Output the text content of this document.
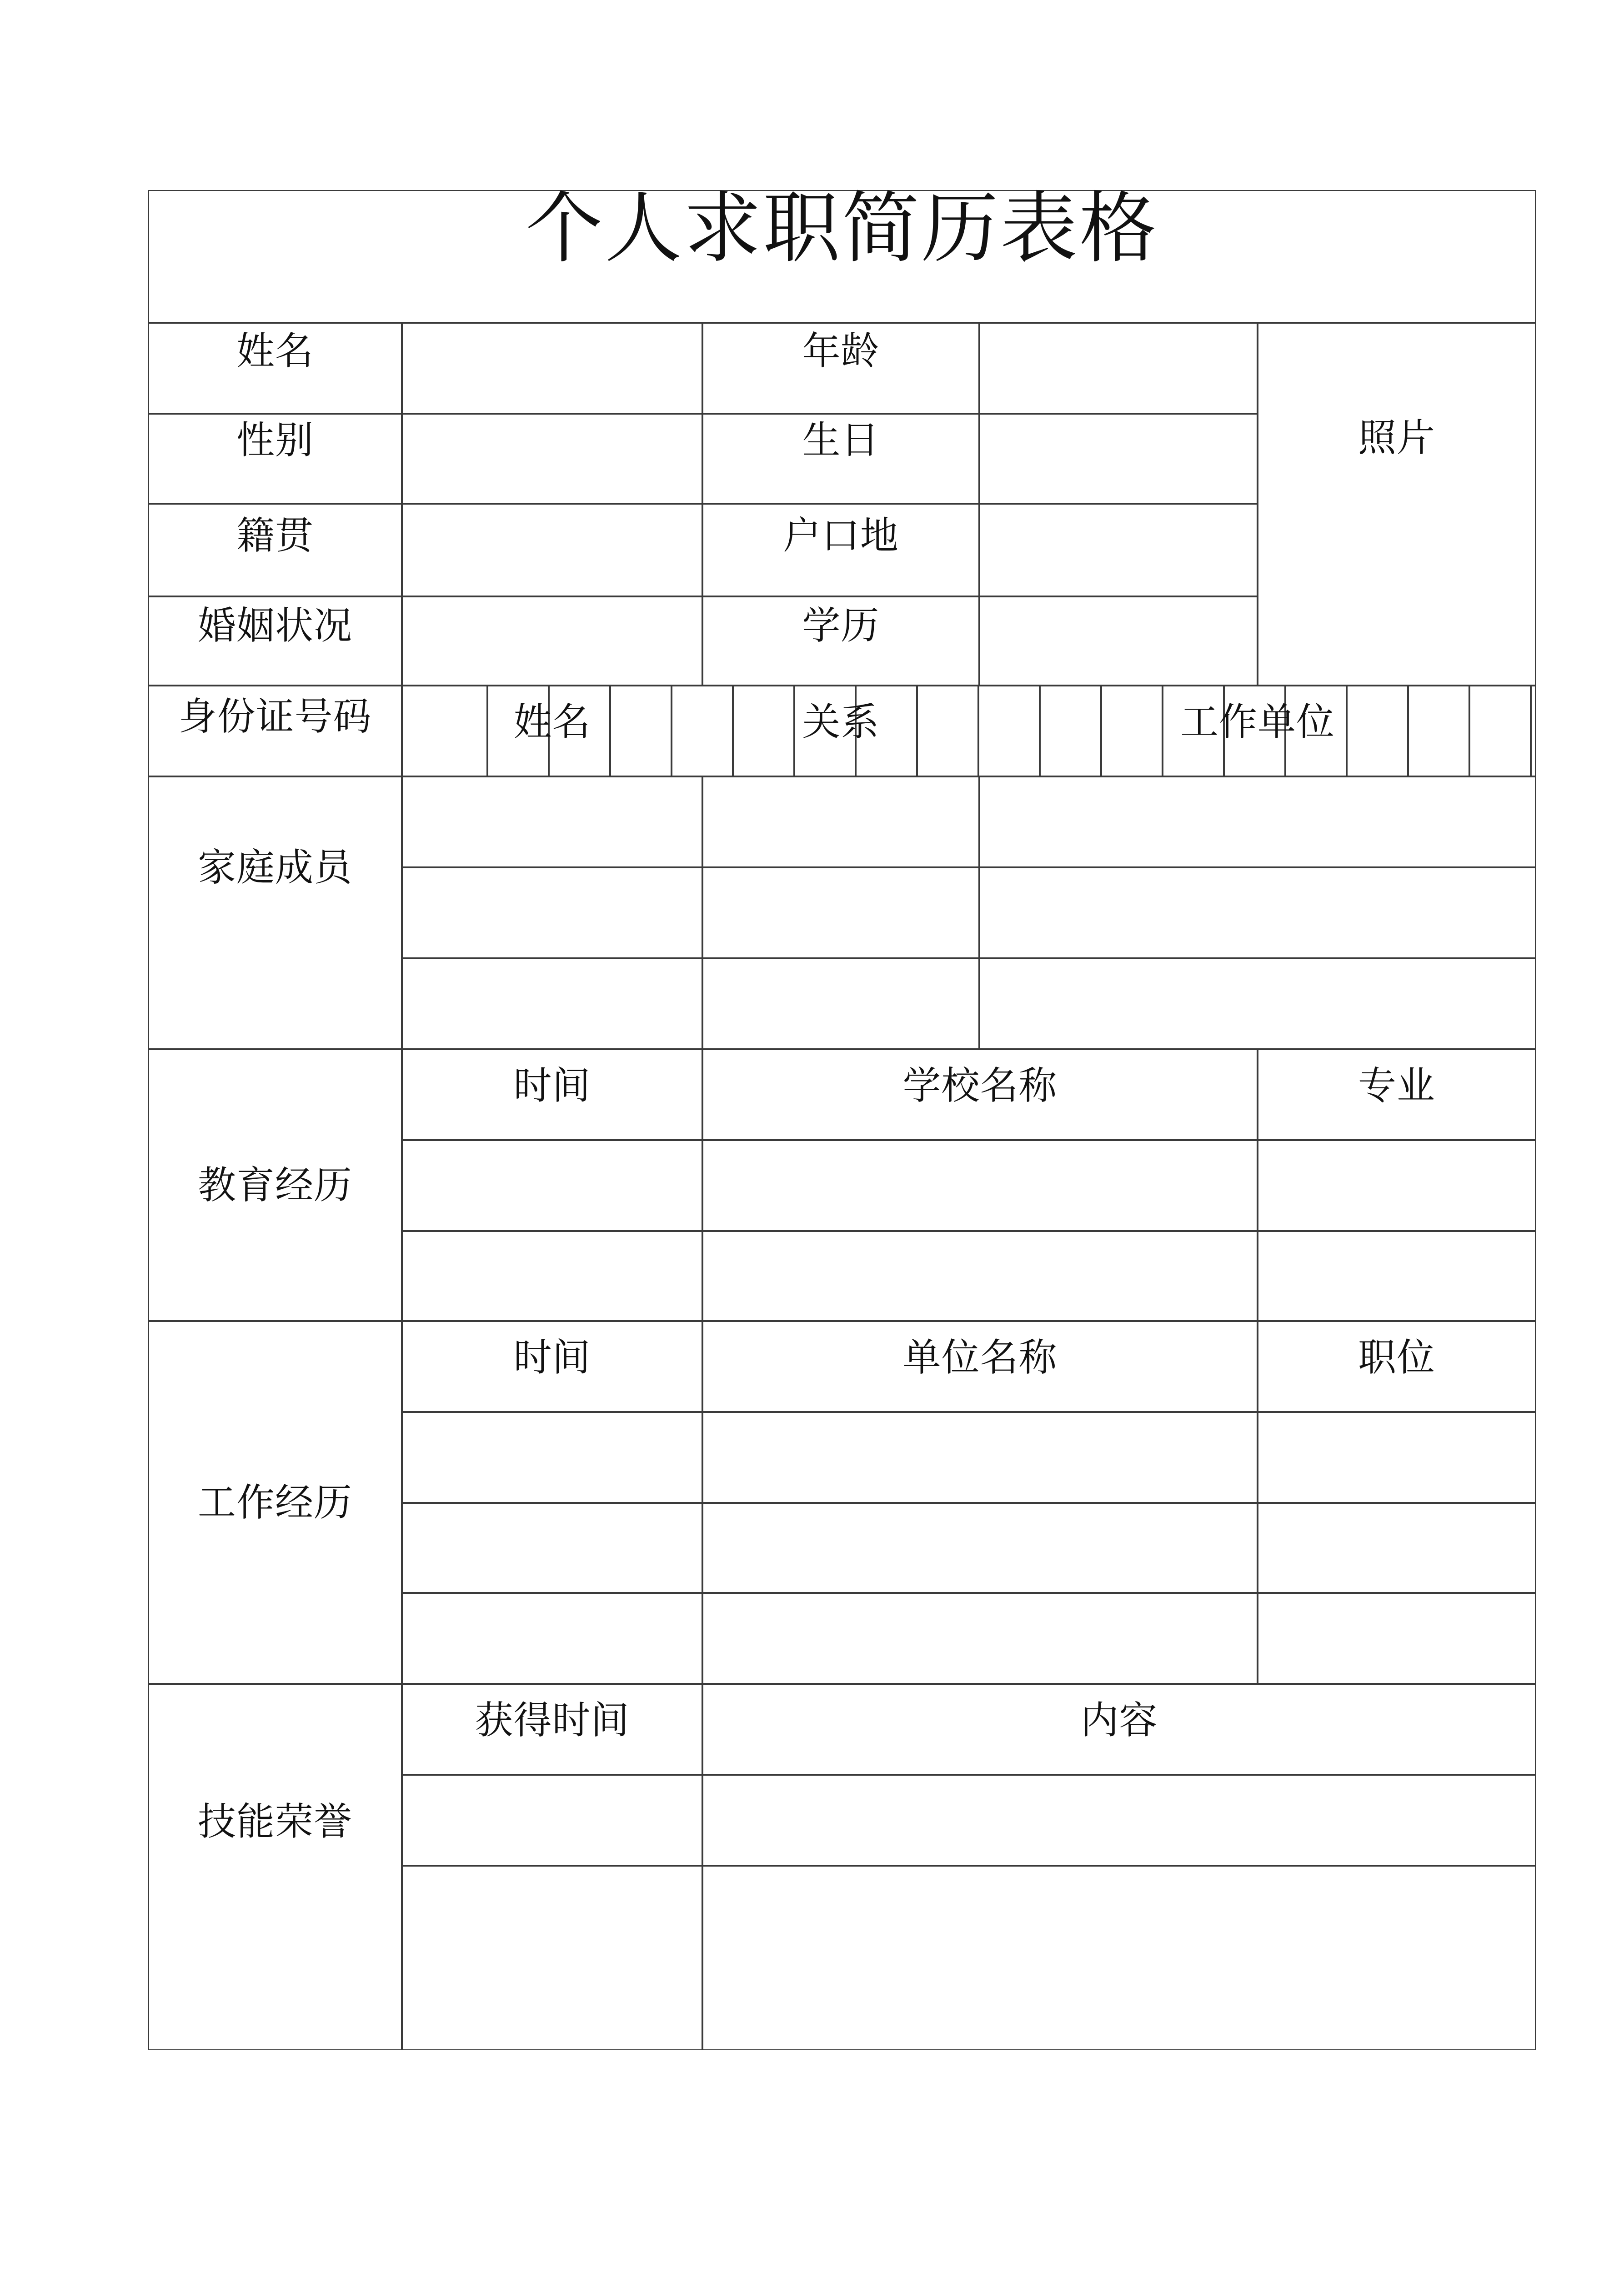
个人求职简历表格
姓名	年龄
性别	生日
籍贯	户口地
婚姻状况	学历
照片
身份证号码
家庭成员
姓名	关系	工作单位
教育经历
时间	学校名称	专业
工作经历
时间	单位名称	职位
技能荣誉
获得时间	内容
